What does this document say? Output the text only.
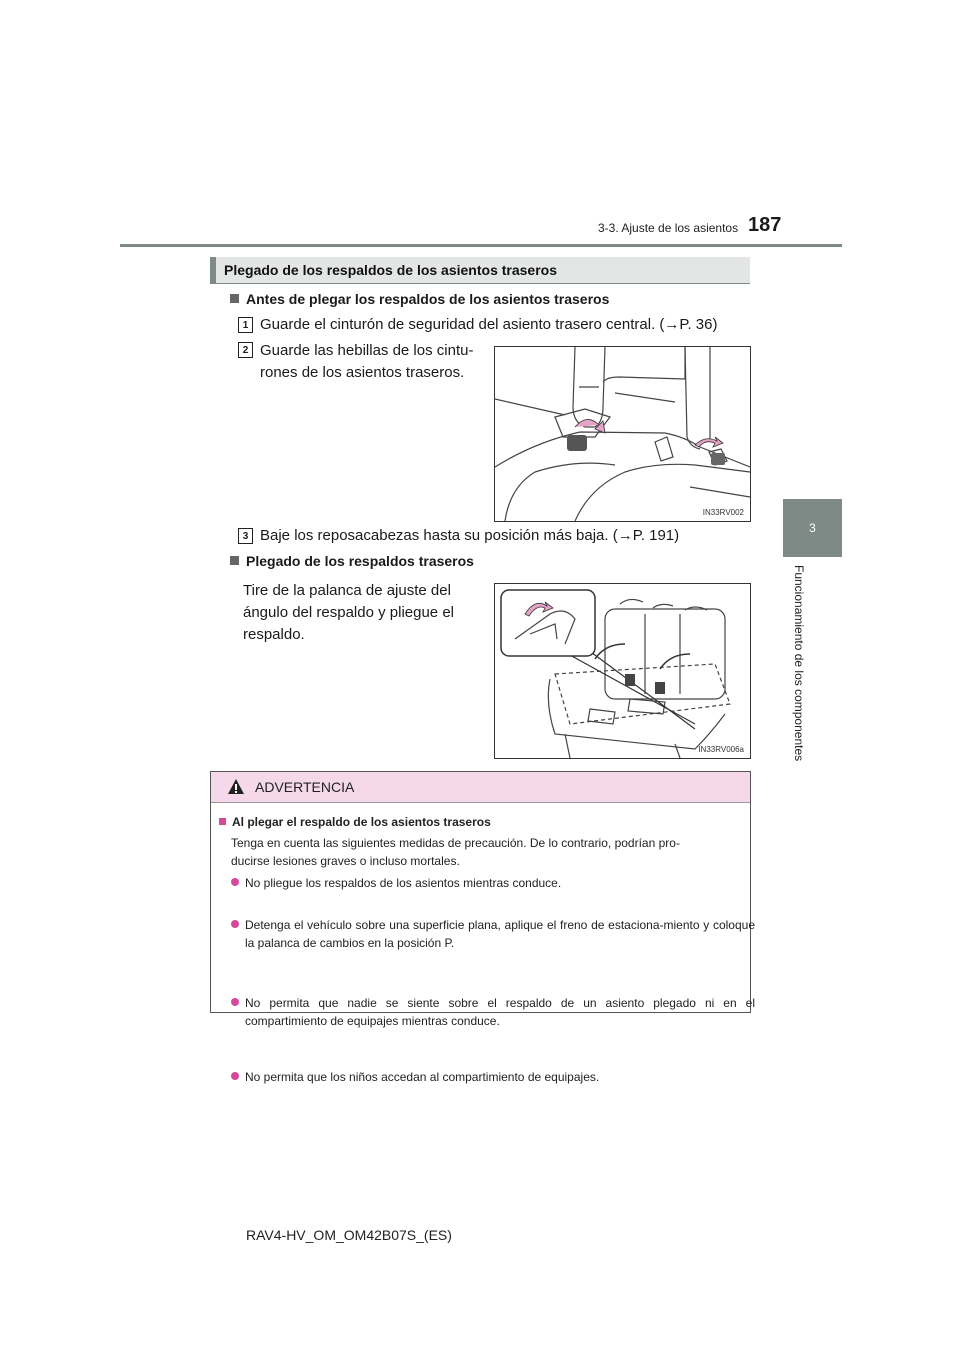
3-3. Ajuste de los asientos 187
3
Funcionamiento de los componentes
Plegado de los respaldos de los asientos traseros
Antes de plegar los respaldos de los asientos traseros
1 Guarde el cinturón de seguridad del asiento trasero central. (→P. 36)
2 Guarde las hebillas de los cintu-
rones de los asientos traseros.
IN33RV002
3 Baje los reposacabezas hasta su posición más baja. (→P. 191)
Plegado de los respaldos traseros
Tire de la palanca de ajuste del
ángulo del respaldo y pliegue el
respaldo.
IN33RV006a
ADVERTENCIA
Al plegar el respaldo de los asientos traseros
Tenga en cuenta las siguientes medidas de precaución. De lo contrario, podrían pro-
ducirse lesiones graves o incluso mortales.
No pliegue los respaldos de los asientos mientras conduce.
Detenga el vehículo sobre una superficie plana, aplique el freno de estaciona-miento y coloque la palanca de cambios en la posición P.
No permita que nadie se siente sobre el respaldo de un asiento plegado ni en el compartimiento de equipajes mientras conduce.
No permita que los niños accedan al compartimiento de equipajes.
RAV4-HV_OM_OM42B07S_(ES)
